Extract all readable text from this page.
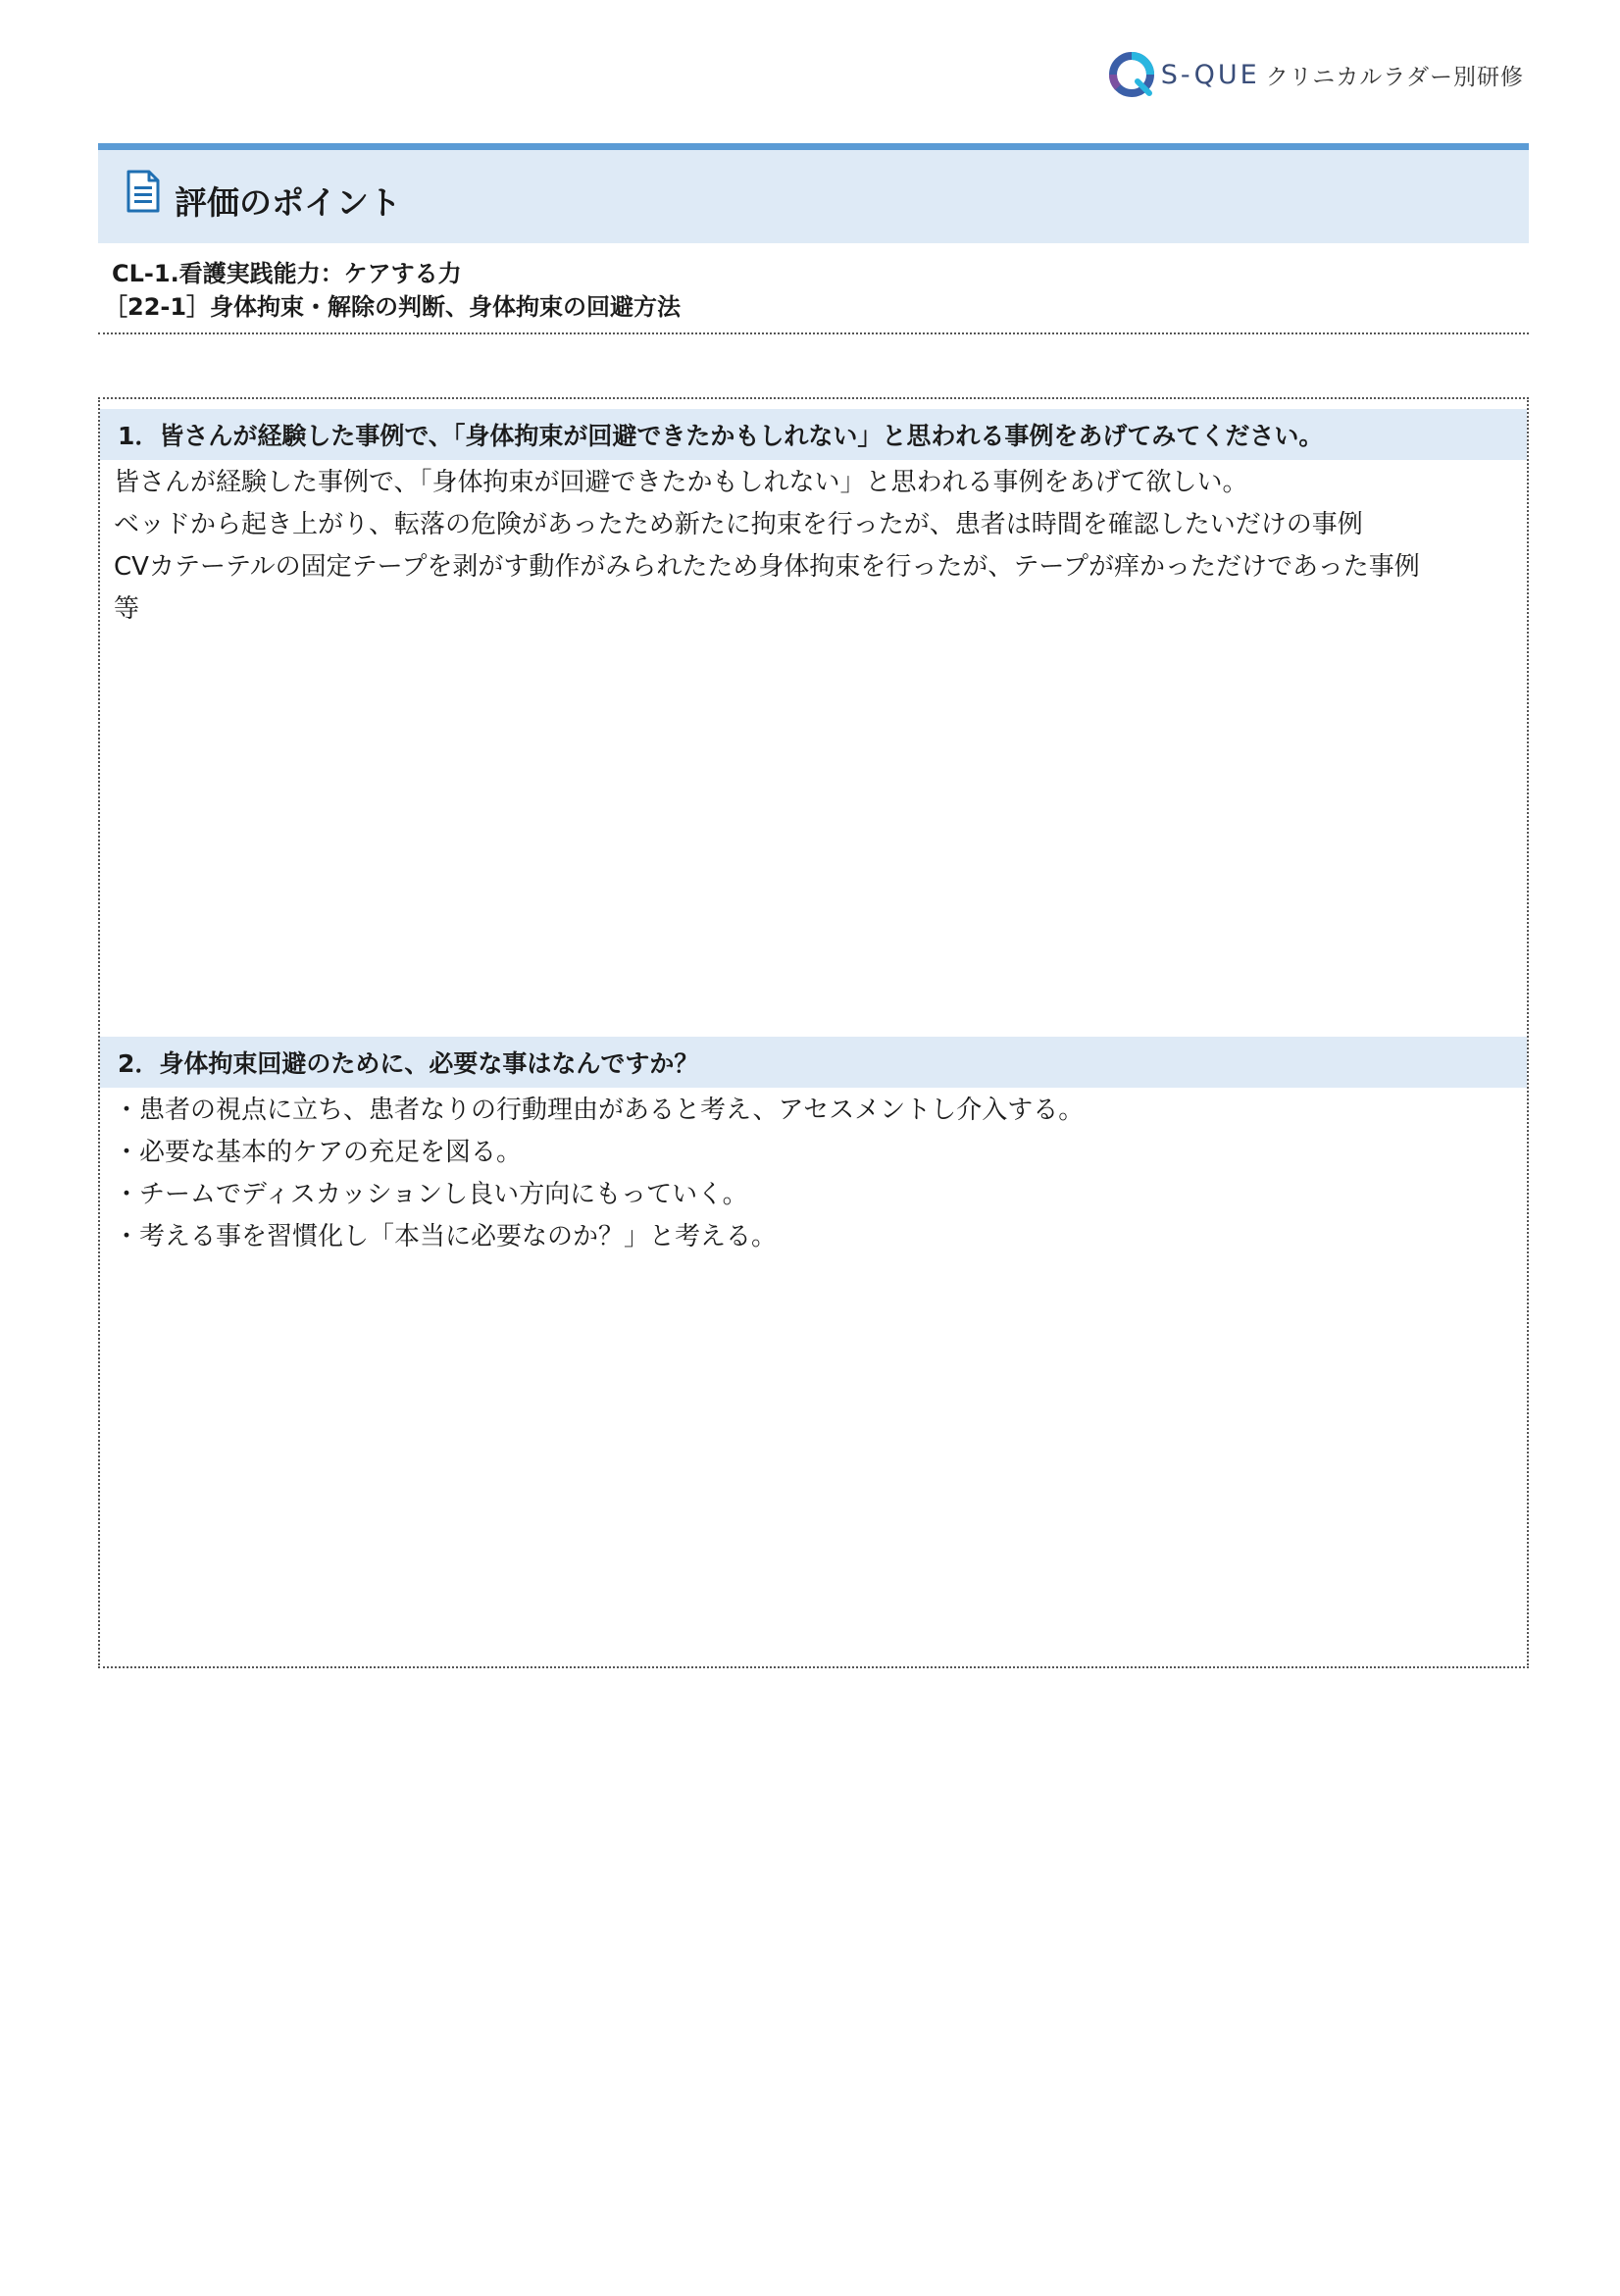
S-QUE クリニカルラダー別研修
評価のポイント
CL-1.看護実践能力：ケアする力
［22-1］身体拘束・解除の判断、身体拘束の回避方法
1．皆さんが経験した事例で、「身体拘束が回避できたかもしれない」と思われる事例をあげてみてください。
皆さんが経験した事例で、「身体拘束が回避できたかもしれない」と思われる事例をあげて欲しい。
ベッドから起き上がり、転落の危険があったため新たに拘束を行ったが、患者は時間を確認したいだけの事例
CVカテーテルの固定テープを剥がす動作がみられたため身体拘束を行ったが、テープが痒かっただけであった事例
等
2．身体拘束回避のために、必要な事はなんですか？
・患者の視点に立ち、患者なりの行動理由があると考え、アセスメントし介入する。
・必要な基本的ケアの充足を図る。
・チームでディスカッションし良い方向にもっていく。
・考える事を習慣化し「本当に必要なのか？」と考える。
